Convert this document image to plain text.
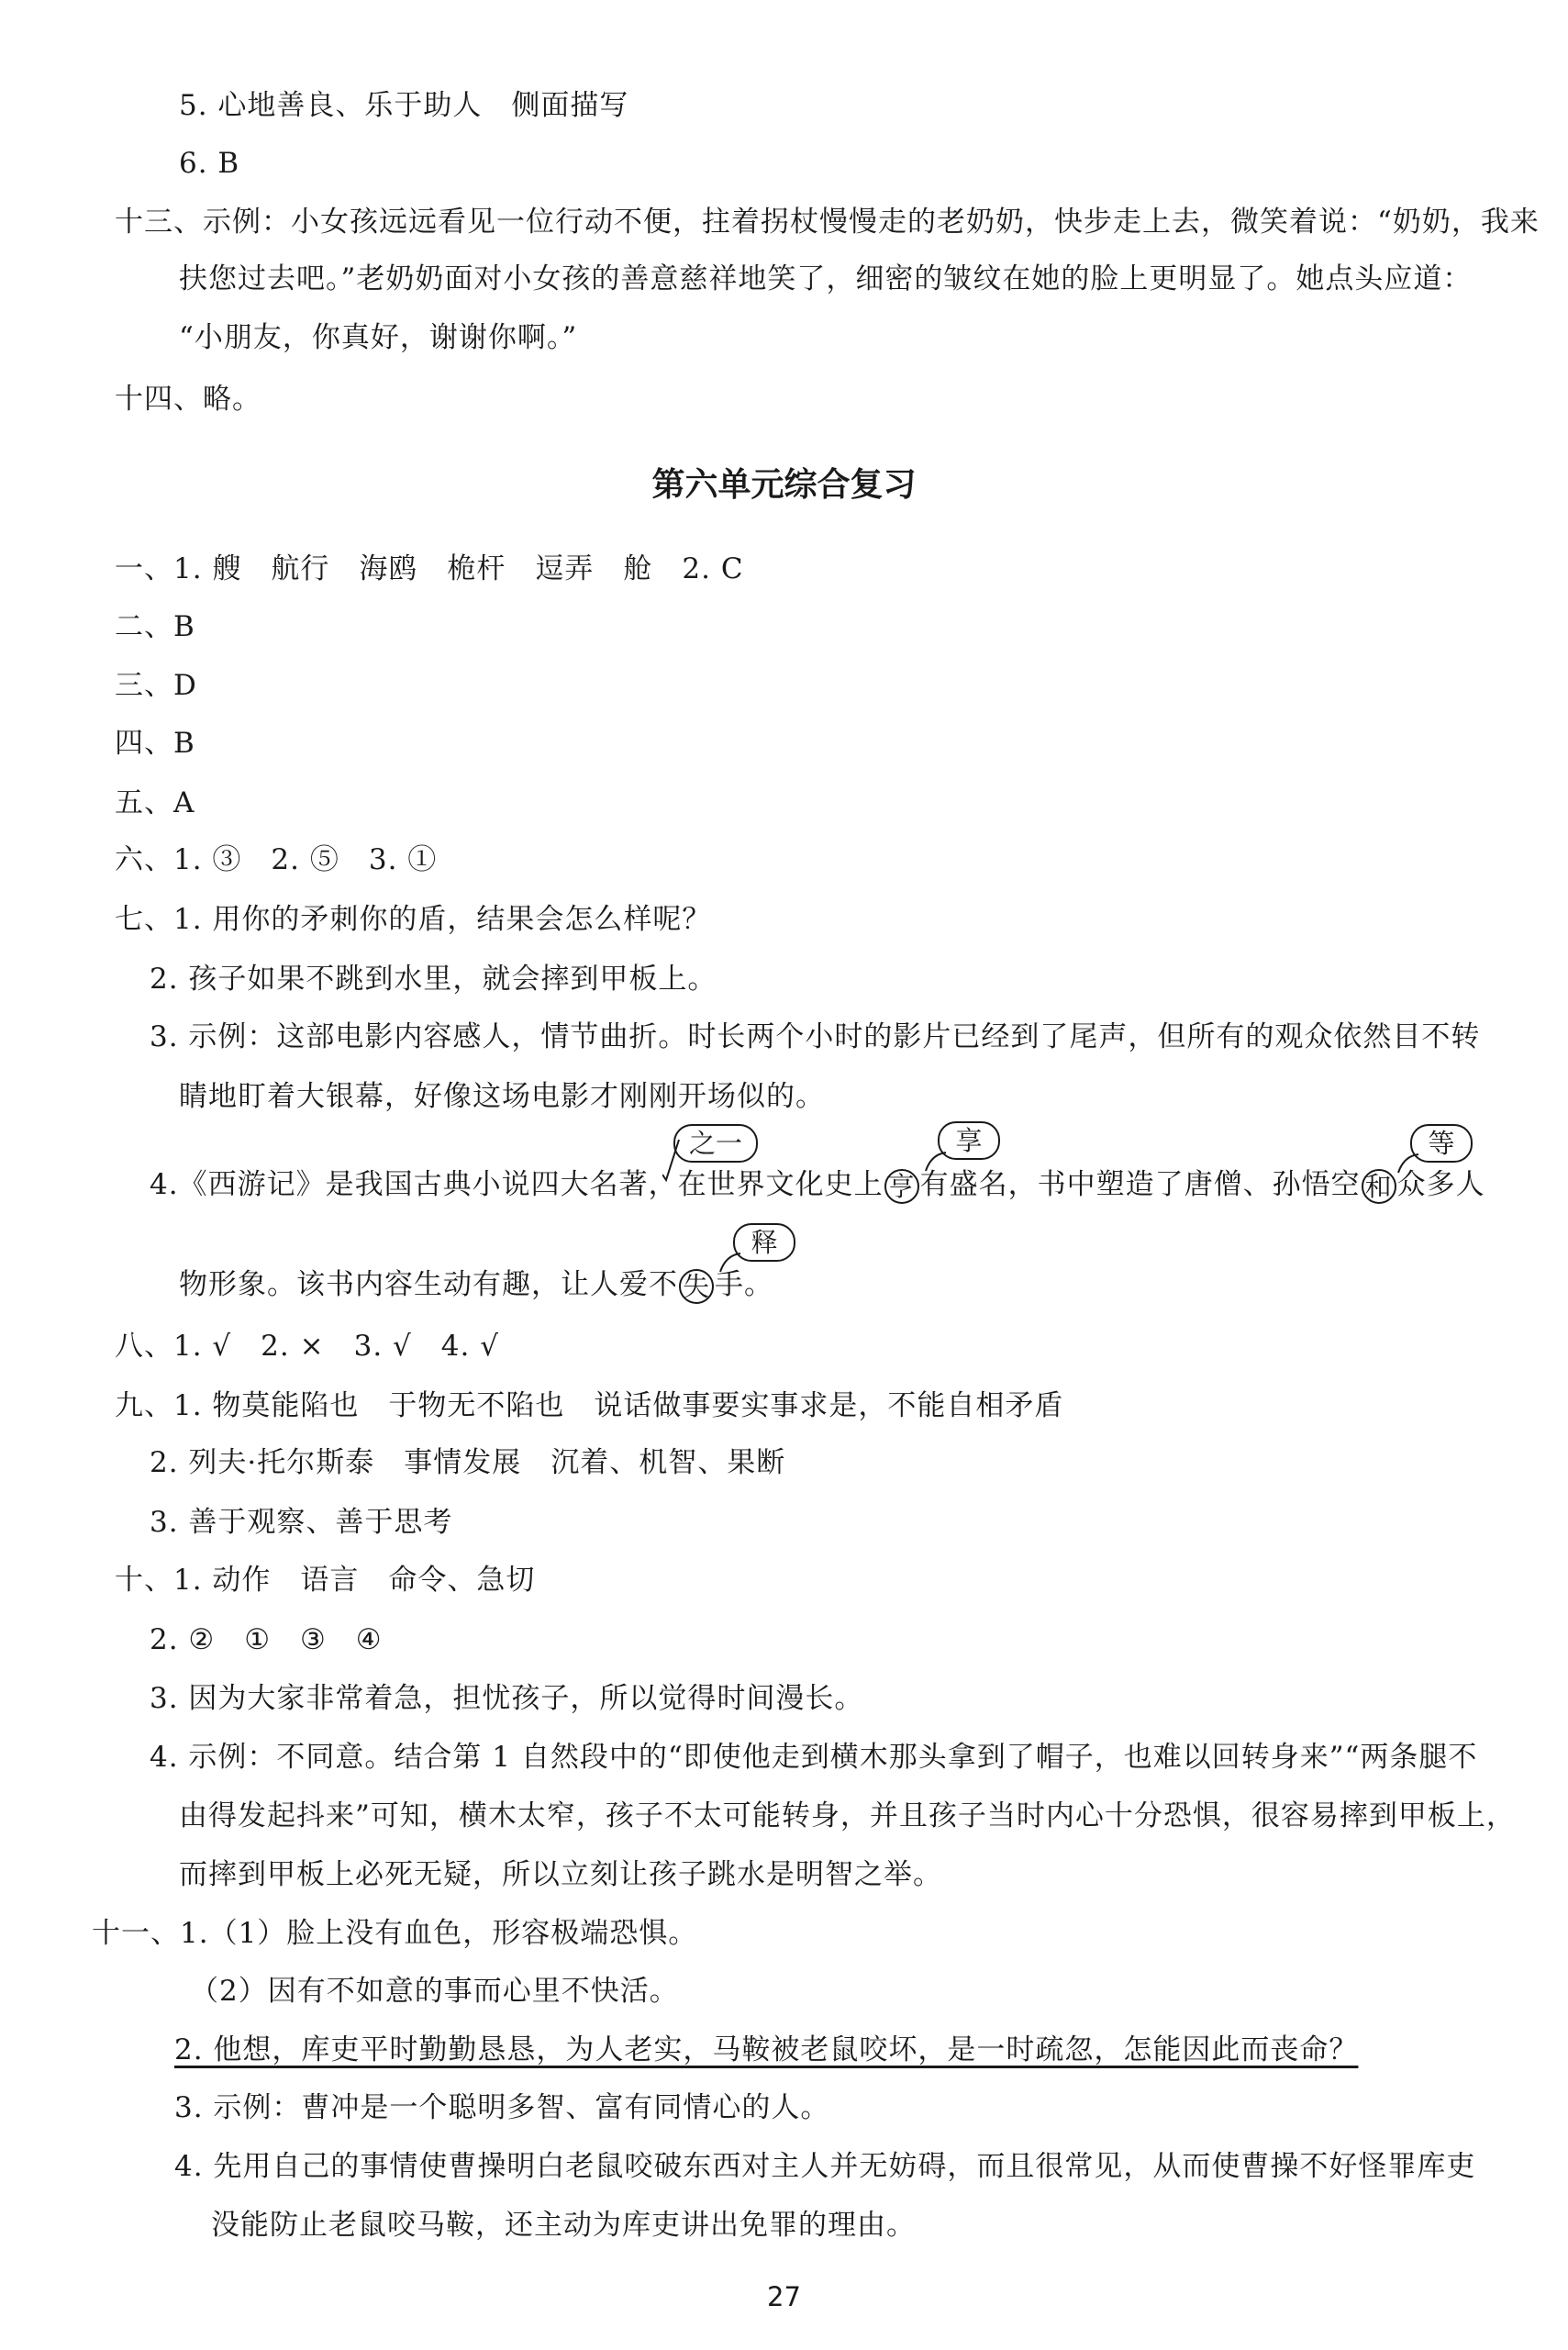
5. 心地善良、乐于助人　侧面描写

6. B

十三、示例：小女孩远远看见一位行动不便，拄着拐杖慢慢走的老奶奶，快步走上去，微笑着说：“奶奶，我来

扶您过去吧。”老奶奶面对小女孩的善意慈祥地笑了，细密的皱纹在她的脸上更明显了。她点头应道：

“小朋友，你真好，谢谢你啊。”

十四、略。

第六单元综合复习

一、1. 艘　航行　海鸥　桅杆　逗弄　舱　2. C

二、B

三、D

四、B

五、A

六、1. ③　2. ⑤　3. ①

七、1. 用你的矛刺你的盾，结果会怎么样呢？

2. 孩子如果不跳到水里，就会摔到甲板上。

3. 示例：这部电影内容感人，情节曲折。时长两个小时的影片已经到了尾声，但所有的观众依然目不转

睛地盯着大银幕，好像这场电影才刚刚开场似的。

之一	享	等

4.《西游记》是我国古典小说四大名著，在世界文化史上 亨 有盛名，书中塑造了唐僧、孙悟空 和 众多人

释

物形象。该书内容生动有趣，让人爱不 失 手。

八、1. √　2. ×　3. √　4. √

九、1. 物莫能陷也　于物无不陷也　说话做事要实事求是，不能自相矛盾

2. 列夫·托尔斯泰　事情发展　沉着、机智、果断

3. 善于观察、善于思考

十、1. 动作　语言　命令、急切

2. ②　①　③　④

3. 因为大家非常着急，担忧孩子，所以觉得时间漫长。

4. 示例：不同意。结合第 1 自然段中的“即使他走到横木那头拿到了帽子，也难以回转身来”“两条腿不

由得发起抖来”可知，横木太窄，孩子不太可能转身，并且孩子当时内心十分恐惧，很容易摔到甲板上，

而摔到甲板上必死无疑，所以立刻让孩子跳水是明智之举。

十一、1.（1）脸上没有血色，形容极端恐惧。

（2）因有不如意的事而心里不快活。

2. 他想，库吏平时勤勤恳恳，为人老实，马鞍被老鼠咬坏，是一时疏忽，怎能因此而丧命？

3. 示例：曹冲是一个聪明多智、富有同情心的人。

4. 先用自己的事情使曹操明白老鼠咬破东西对主人并无妨碍，而且很常见，从而使曹操不好怪罪库吏

没能防止老鼠咬马鞍，还主动为库吏讲出免罪的理由。

27
